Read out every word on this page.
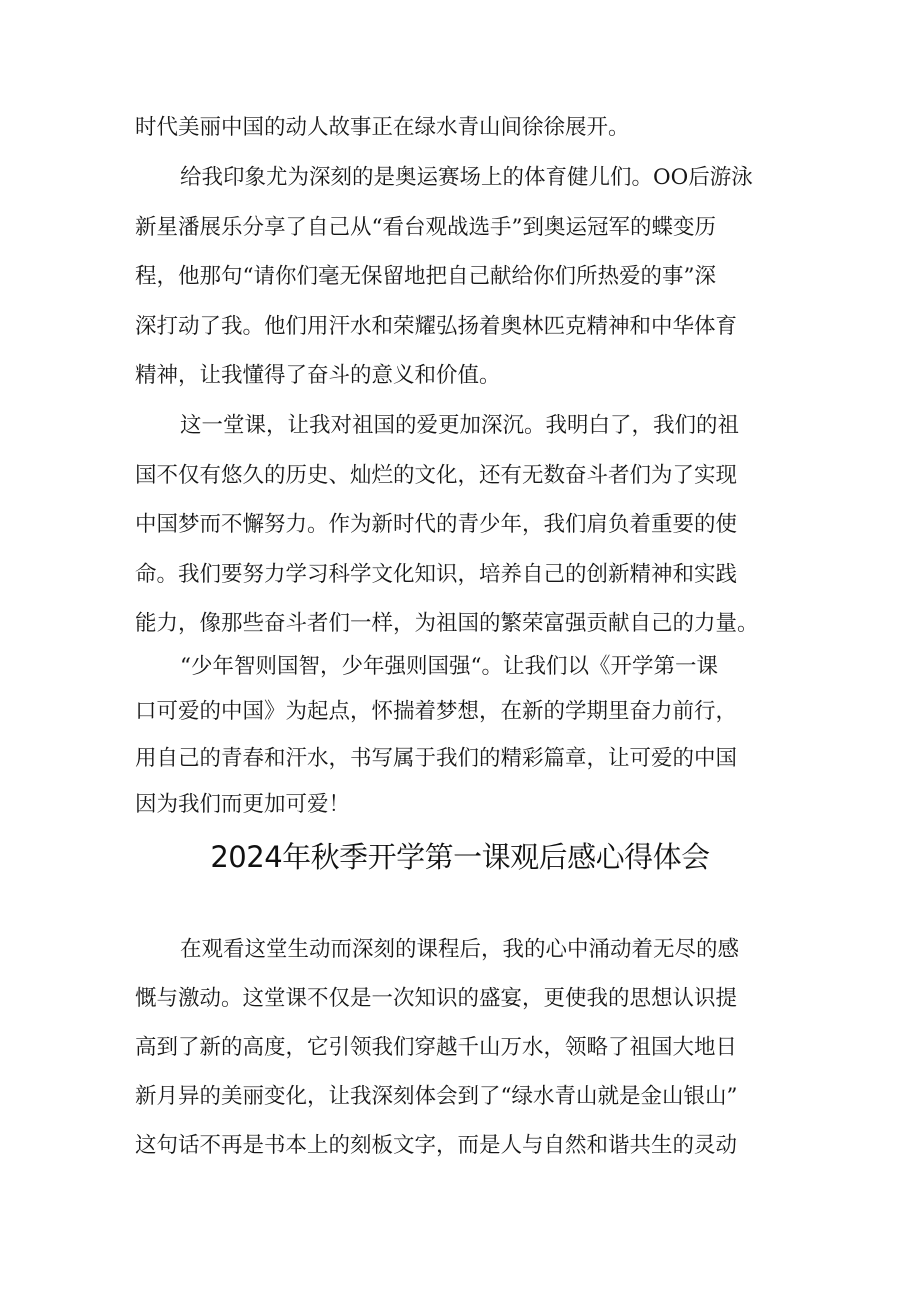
时代美丽中国的动人故事正在绿水青山间徐徐展开。
给我印象尤为深刻的是奥运赛场上的体育健儿们。OO后游泳
新星潘展乐分享了自己从“看台观战选手”到奥运冠军的蝶变历
程，他那句“请你们毫无保留地把自己献给你们所热爱的事”深
深打动了我。他们用汗水和荣耀弘扬着奥林匹克精神和中华体育
精神，让我懂得了奋斗的意义和价值。
这一堂课，让我对祖国的爱更加深沉。我明白了，我们的祖
国不仅有悠久的历史、灿烂的文化，还有无数奋斗者们为了实现
中国梦而不懈努力。作为新时代的青少年，我们肩负着重要的使
命。我们要努力学习科学文化知识，培养自己的创新精神和实践
能力，像那些奋斗者们一样，为祖国的繁荣富强贡献自己的力量。
“少年智则国智，少年强则国强“。让我们以《开学第一课
口可爱的中国》为起点，怀揣着梦想，在新的学期里奋力前行，
用自己的青春和汗水，书写属于我们的精彩篇章，让可爱的中国
因为我们而更加可爱！
2024年秋季开学第一课观后感心得体会
在观看这堂生动而深刻的课程后，我的心中涌动着无尽的感
慨与激动。这堂课不仅是一次知识的盛宴，更使我的思想认识提
高到了新的高度，它引领我们穿越千山万水，领略了祖国大地日
新月异的美丽变化，让我深刻体会到了“绿水青山就是金山银山”
这句话不再是书本上的刻板文字，而是人与自然和谐共生的灵动
